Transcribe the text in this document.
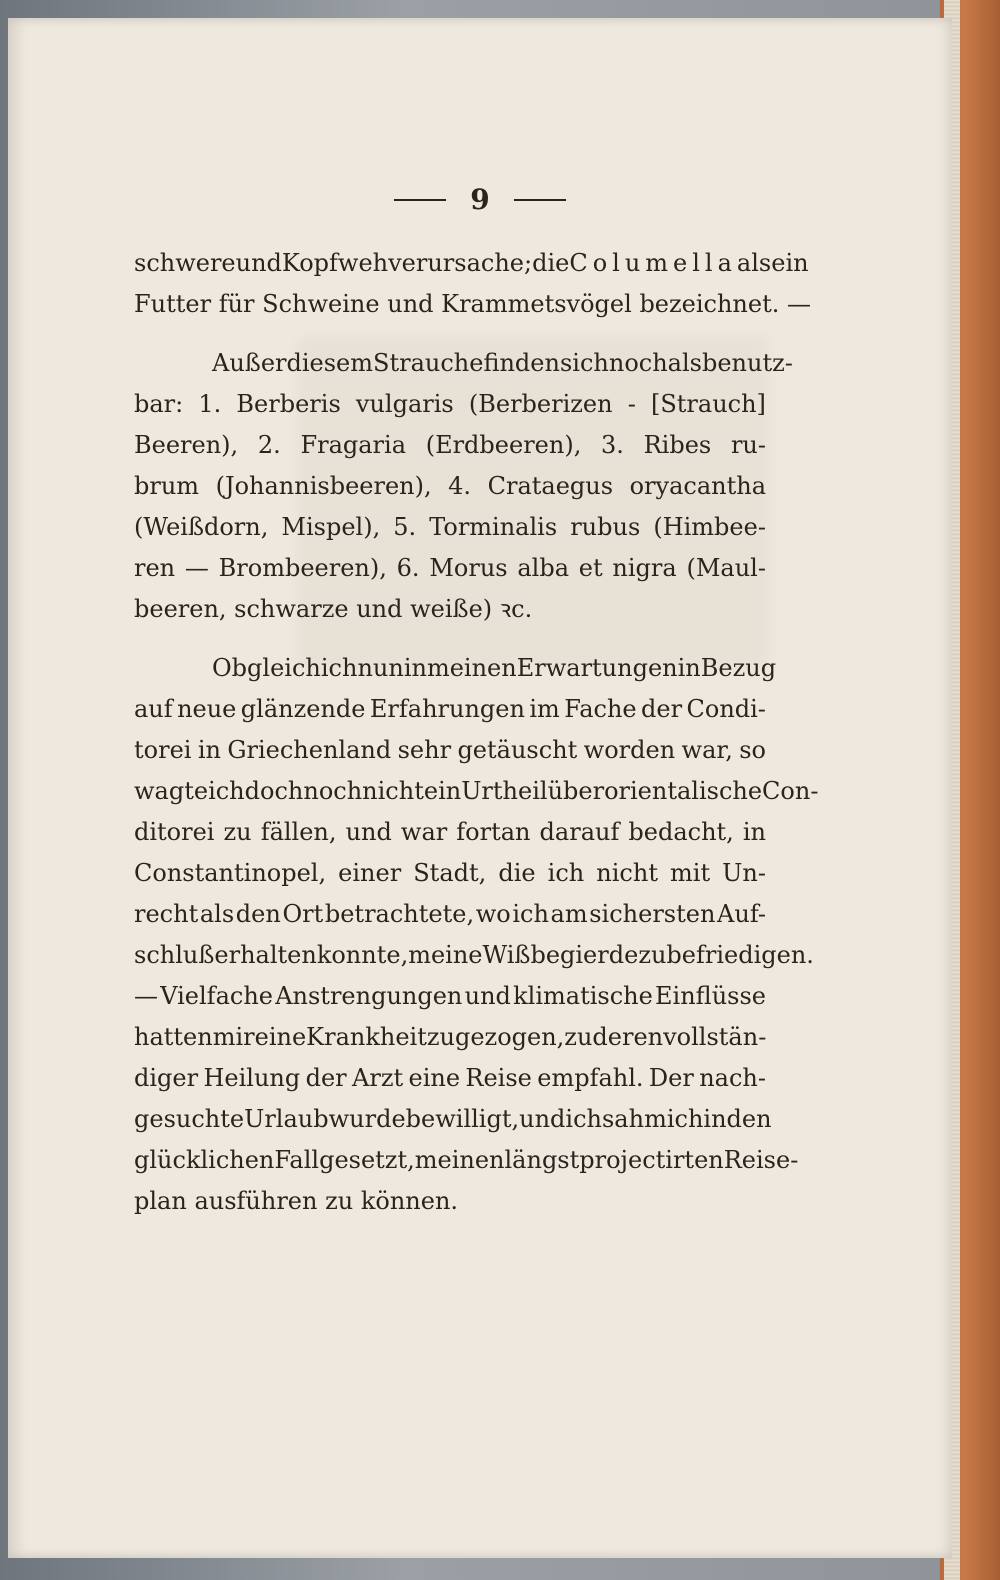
9
schwere und Kopfweh verursache; die Columella als ein
Futter für Schweine und Krammetsvögel bezeichnet. —
Außer diesem Strauche finden sich noch als benutz-
bar: 1. Berberis vulgaris (Berberizen - [Strauch]
Beeren), 2. Fragaria (Erdbeeren), 3. Ribes ru-
brum (Johannisbeeren), 4. Crataegus oryacantha
(Weißdorn, Mispel), 5. Torminalis rubus (Himbee-
ren — Brombeeren), 6. Morus alba et nigra (Maul-
beeren, schwarze und weiße) ꝛc.
Obgleich ich nun in meinen Erwartungen in Bezug
auf neue glänzende Erfahrungen im Fache der Condi-
torei in Griechenland sehr getäuscht worden war, so
wagte ich doch noch nicht ein Urtheil über orientalische Con-
ditorei zu fällen, und war fortan darauf bedacht, in
Constantinopel, einer Stadt, die ich nicht mit Un-
recht als den Ort betrachtete, wo ich am sichersten Auf-
schluß erhalten konnte, meine Wißbegierde zu befriedigen.
— Vielfache Anstrengungen und klimatische Einflüsse
hatten mir eine Krankheit zugezogen, zu deren vollstän-
diger Heilung der Arzt eine Reise empfahl. Der nach-
gesuchte Urlaub wurde bewilligt, und ich sah mich in den
glücklichen Fall gesetzt, meinen längst projectirten Reise-
plan ausführen zu können.
